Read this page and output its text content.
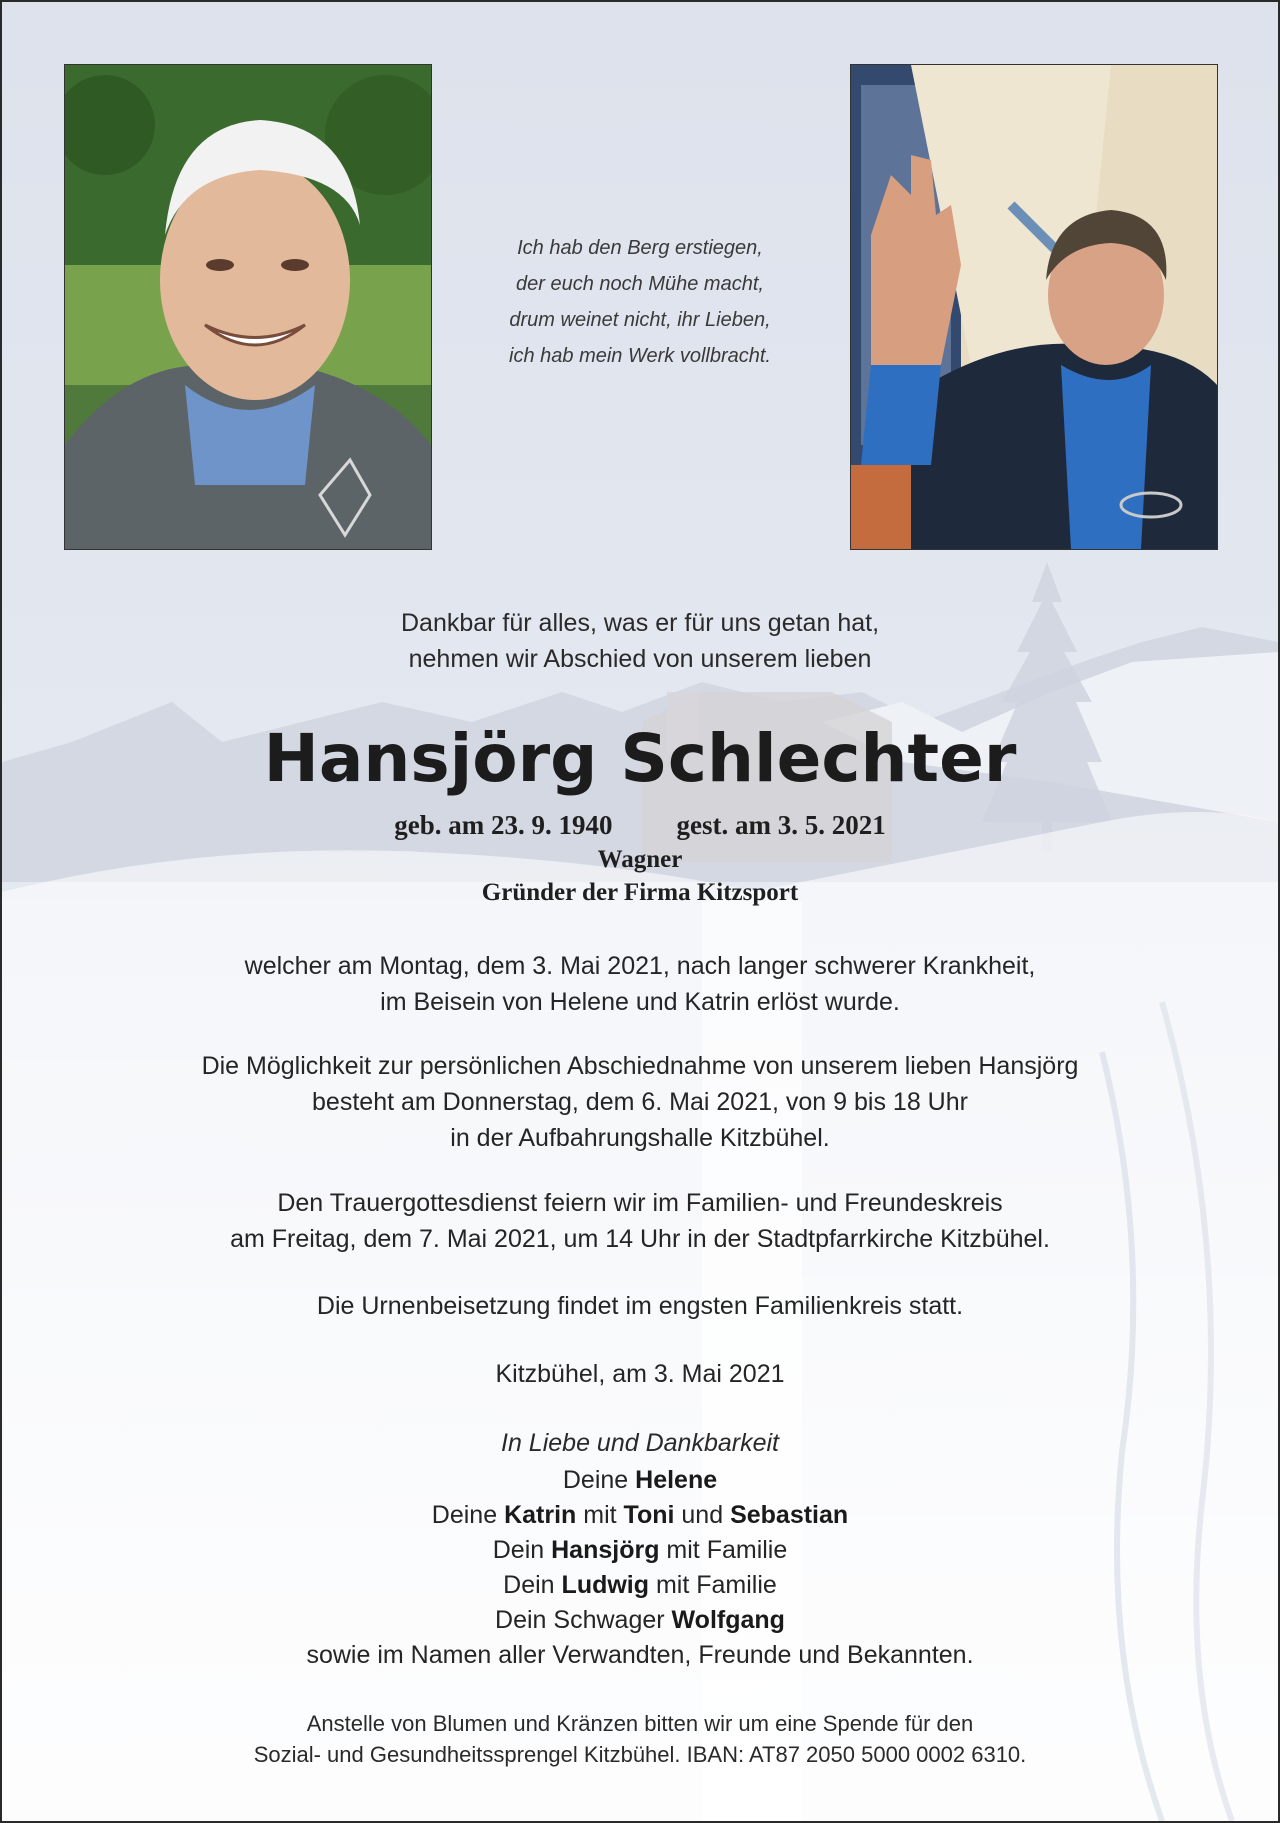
Ich hab den Berg erstiegen,
der euch noch Mühe macht,
drum weinet nicht, ihr Lieben,
ich hab mein Werk vollbracht.
Dankbar für alles, was er für uns getan hat,
nehmen wir Abschied von unserem lieben
Hansjörg Schlechter
geb. am 23. 9. 1940 gest. am 3. 5. 2021
Wagner
Gründer der Firma Kitzsport
welcher am Montag, dem 3. Mai 2021, nach langer schwerer Krankheit,
im Beisein von Helene und Katrin erlöst wurde.
Die Möglichkeit zur persönlichen Abschiednahme von unserem lieben Hansjörg
besteht am Donnerstag, dem 6. Mai 2021, von 9 bis 18 Uhr
in der Aufbahrungshalle Kitzbühel.
Den Trauergottesdienst feiern wir im Familien- und Freundeskreis
am Freitag, dem 7. Mai 2021, um 14 Uhr in der Stadtpfarrkirche Kitzbühel.
Die Urnenbeisetzung findet im engsten Familienkreis statt.
Kitzbühel, am 3. Mai 2021
In Liebe und Dankbarkeit
Deine Helene
Deine Katrin mit Toni und Sebastian
Dein Hansjörg mit Familie
Dein Ludwig mit Familie
Dein Schwager Wolfgang
sowie im Namen aller Verwandten, Freunde und Bekannten.
Anstelle von Blumen und Kränzen bitten wir um eine Spende für den
Sozial- und Gesundheitssprengel Kitzbühel. IBAN: AT87 2050 5000 0002 6310.
